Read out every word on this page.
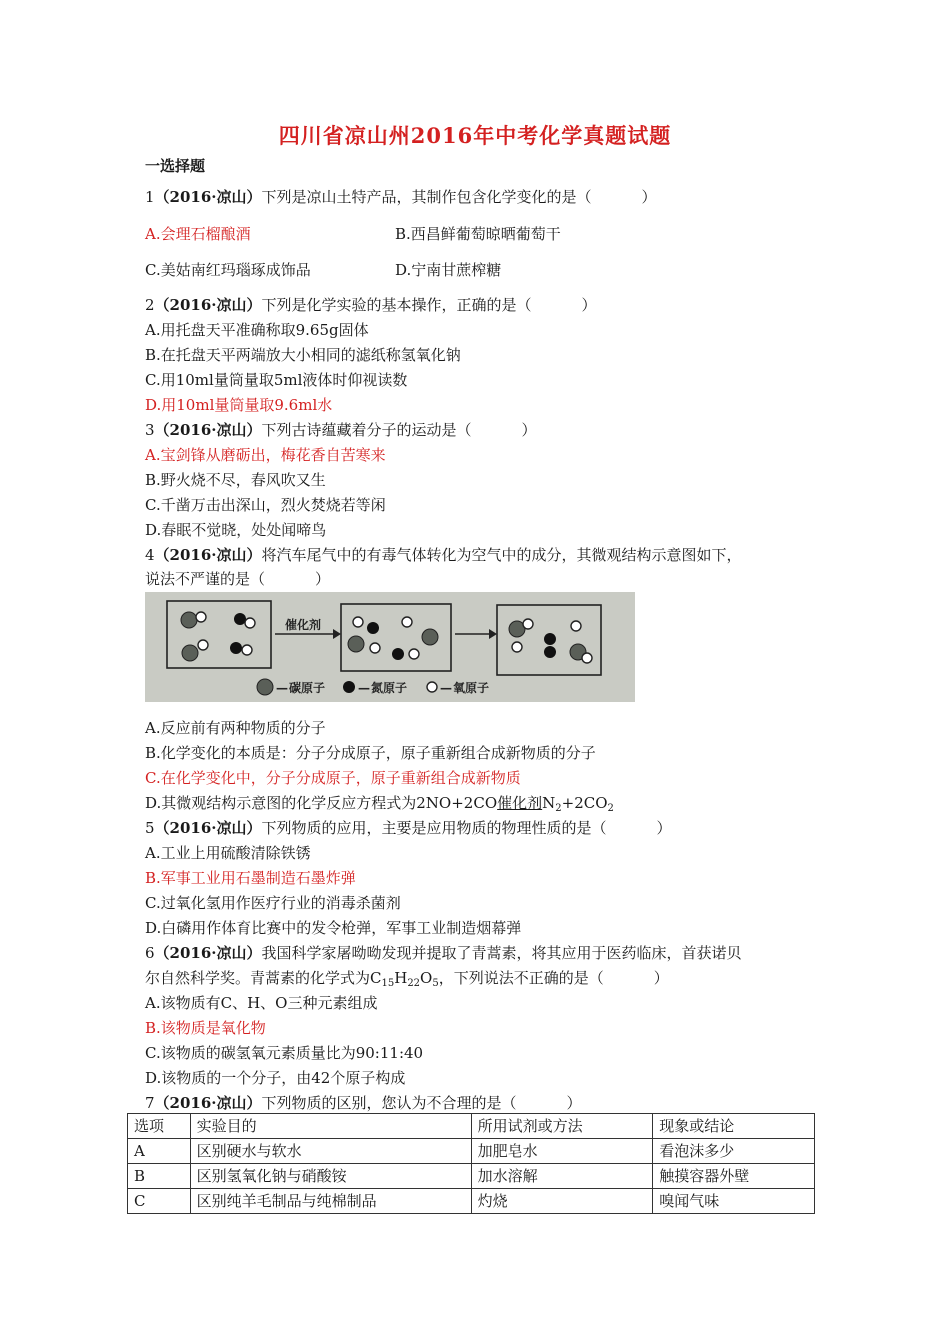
四川省凉山州2016年中考化学真题试题
一选择题
1（2016·凉山）下列是凉山土特产品，其制作包含化学变化的是（	）
A.会理石榴酿酒	B.西昌鲜葡萄晾晒葡萄干
C.美姑南红玛瑙琢成饰品	D.宁南甘蔗榨糖
2（2016·凉山）下列是化学实验的基本操作，正确的是（	）
A.用托盘天平准确称取9.65g固体
B.在托盘天平两端放大小相同的滤纸称氢氧化钠
C.用10ml量筒量取5ml液体时仰视读数
D.用10ml量筒量取9.6ml水
3（2016·凉山）下列古诗蕴藏着分子的运动是（	）
A.宝剑锋从磨砺出，梅花香自苦寒来
B.野火烧不尽，春风吹又生
C.千凿万击出深山，烈火焚烧若等闲
D.春眠不觉晓，处处闻啼鸟
4（2016·凉山）将汽车尾气中的有毒气体转化为空气中的成分，其微观结构示意图如下，
说法不严谨的是（	）
催化剂
— 碳原子	— 氮原子	— 氧原子
A.反应前有两种物质的分子
B.化学变化的本质是：分子分成原子，原子重新组合成新物质的分子
C.在化学变化中，分子分成原子，原子重新组合成新物质
D.其微观结构示意图的化学反应方程式为2NO+2CO催化剂$N_2+2CO_2$
5（2016·凉山）下列物质的应用，主要是应用物质的物理性质的是（	）
A.工业上用硫酸清除铁锈
B.军事工业用石墨制造石墨炸弹
C.过氧化氢用作医疗行业的消毒杀菌剂
D.白磷用作体育比赛中的发令枪弹，军事工业制造烟幕弹
6（2016·凉山）我国科学家屠呦呦发现并提取了青蒿素，将其应用于医药临床，首获诺贝
尔自然科学奖。青蒿素的化学式为$C_{15}H_{22}O_5$，下列说法不正确的是（	）
A.该物质有C、H、O三种元素组成
B.该物质是氧化物
C.该物质的碳氢氧元素质量比为90:11:40
D.该物质的一个分子，由42个原子构成
7（2016·凉山）下列物质的区别，您认为不合理的是（	）
选项	实验目的	所用试剂或方法	现象或结论
A	区别硬水与软水	加肥皂水	看泡沫多少
B	区别氢氧化钠与硝酸铵	加水溶解	触摸容器外壁
C	区别纯羊毛制品与纯棉制品	灼烧	嗅闻气味
